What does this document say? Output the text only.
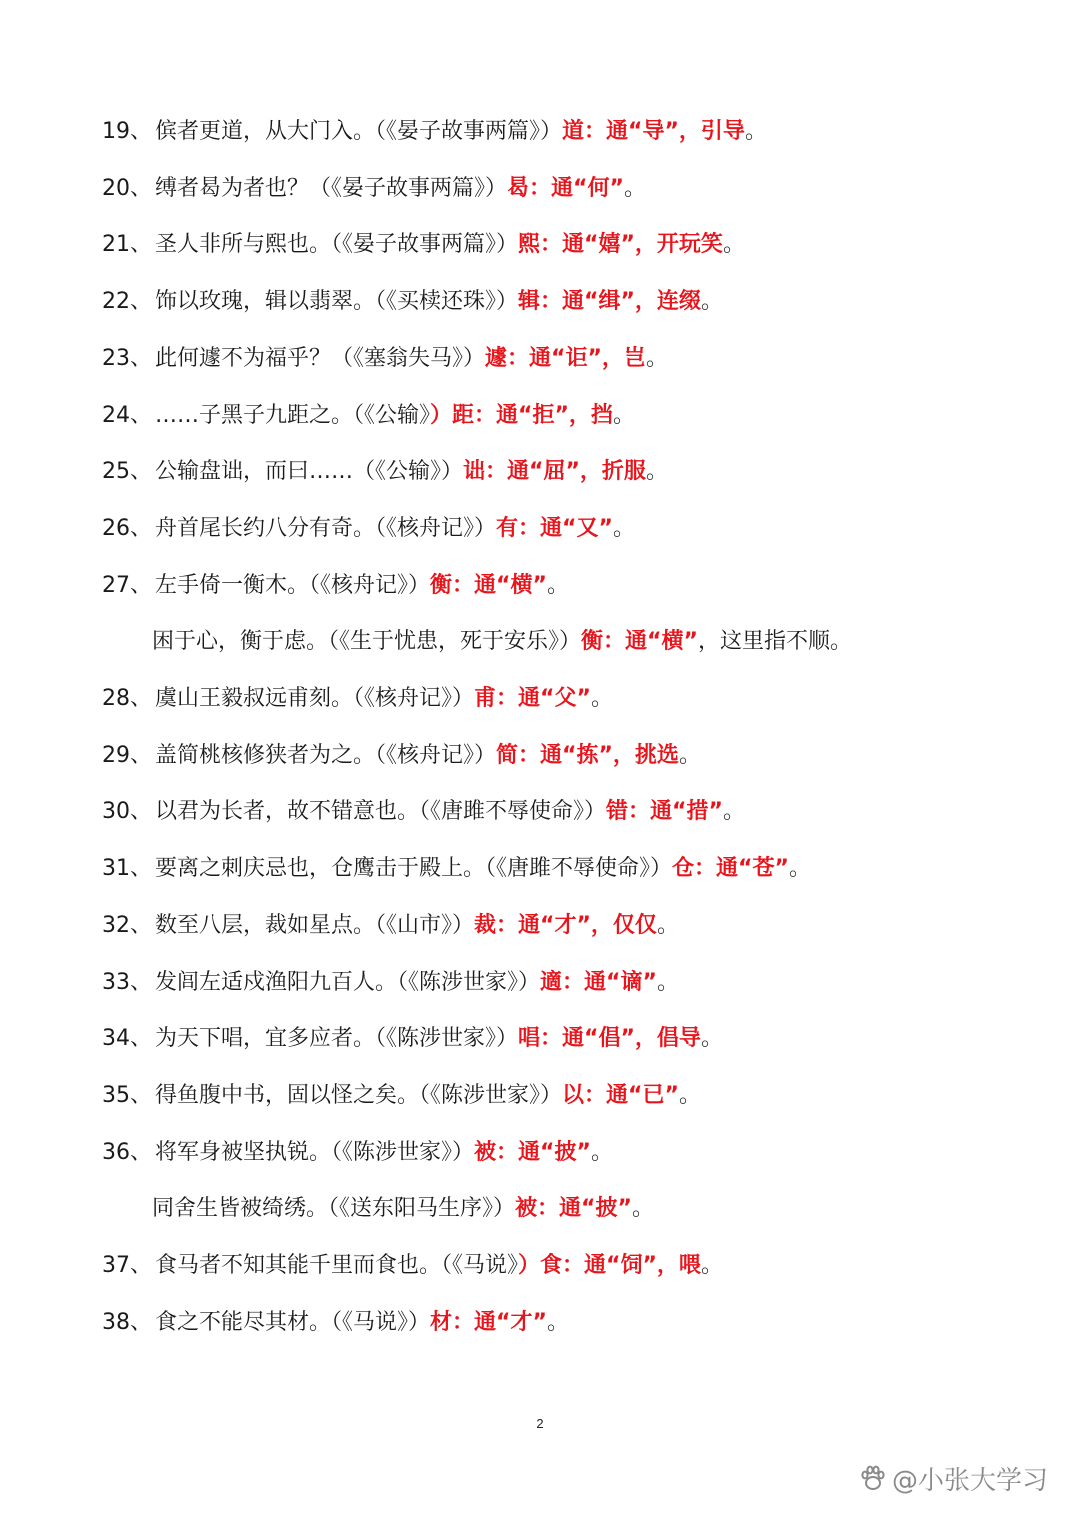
19、 傧者更道，从大门入。（《晏子故事两篇》）道：通“导”，引导。
20、 缚者曷为者也？（《晏子故事两篇》）曷：通“何”。
21、 圣人非所与熙也。（《晏子故事两篇》）熙：通“嬉”，开玩笑。
22、 饰以玫瑰，辑以翡翠。（《买椟还珠》）辑：通“缉”，连缀。
23、 此何遽不为福乎？（《塞翁失马》）遽：通“讵”，岂。
24、 ……子黑子九距之。（《公输》）距：通“拒”，挡。
25、 公输盘诎，而曰……（《公输》）诎：通“屈”，折服。
26、 舟首尾长约八分有奇。（《核舟记》）有：通“又”。
27、 左手倚一衡木。（《核舟记》）衡：通“横”。
困于心，衡于虑。（《生于忧患，死于安乐》）衡：通“横”，这里指不顺。
28、 虞山王毅叔远甫刻。（《核舟记》）甫：通“父”。
29、 盖简桃核修狭者为之。（《核舟记》）简：通“拣”，挑选。
30、 以君为长者，故不错意也。（《唐雎不辱使命》）错：通“措”。
31、 要离之刺庆忌也，仓鹰击于殿上。（《唐雎不辱使命》）仓：通“苍”。
32、 数至八层，裁如星点。（《山市》）裁：通“才”，仅仅。
33、 发闾左适戍渔阳九百人。（《陈涉世家》）適：通“谪”。
34、 为天下唱，宜多应者。（《陈涉世家》）唱：通“倡”，倡导。
35、 得鱼腹中书，固以怪之矣。（《陈涉世家》）以：通“已”。
36、 将军身被坚执锐。（《陈涉世家》）被：通“披”。
同舍生皆被绮绣。（《送东阳马生序》）被：通“披”。
37、 食马者不知其能千里而食也。（《马说》）食：通“饲”，喂。
38、 食之不能尽其材。（《马说》）材：通“才”。
2
@小张大学习
